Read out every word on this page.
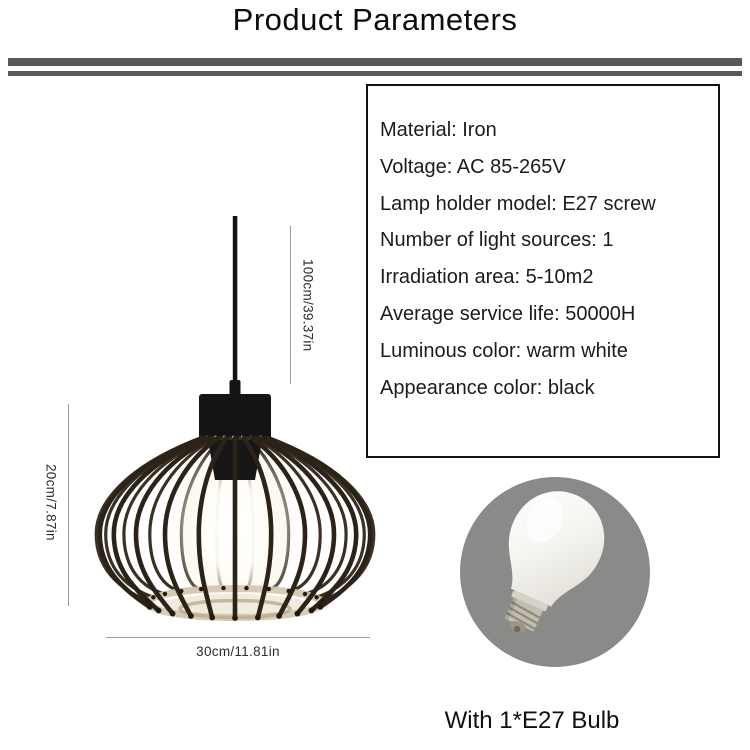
Product Parameters
Material: Iron
Voltage: AC 85-265V
Lamp holder model: E27 screw
Number of light sources: 1
Irradiation area: 5-10m2
Average service life: 50000H
Luminous color: warm white
Appearance color: black
100cm/39.37in
20cm/7.87in
30cm/11.81in
With 1*E27 Bulb
